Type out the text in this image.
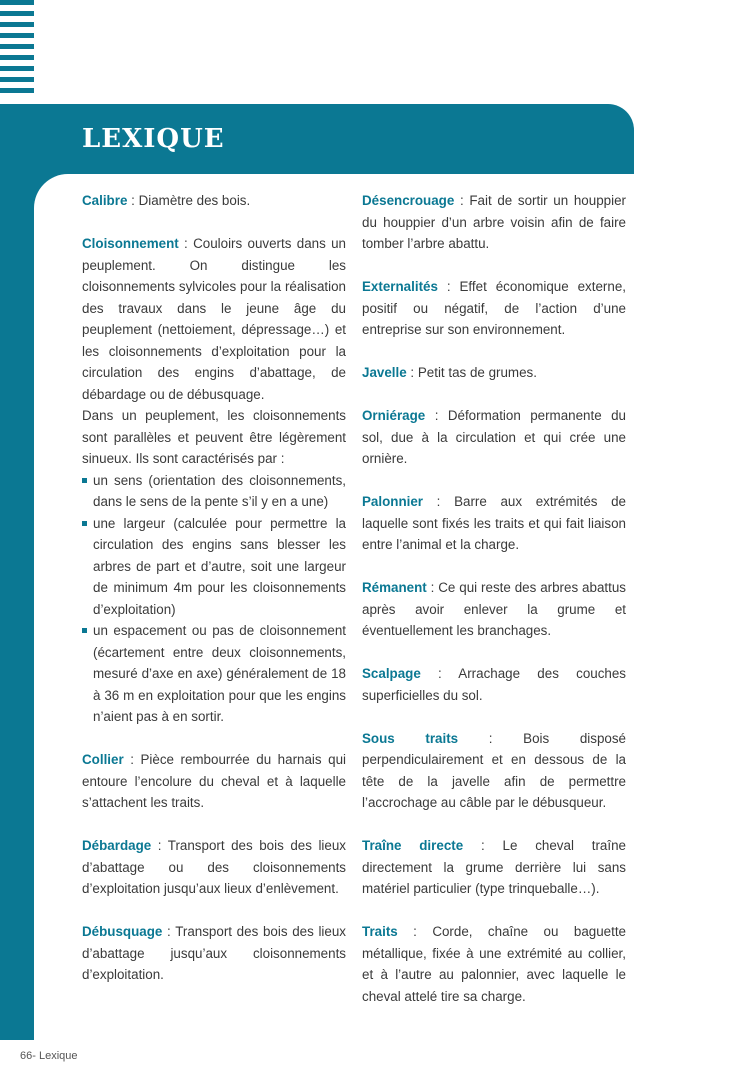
LEXIQUE

Calibre : Diamètre des bois.

Cloisonnement : Couloirs ouverts dans un peuplement. On distingue les cloisonnements sylvicoles pour la réalisation des travaux dans le jeune âge du peuplement (nettoiement, dépressage…) et les cloisonnements d’exploitation pour la circulation des engins d’abattage, de débardage ou de débusquage.

Dans un peuplement, les cloisonnements sont parallèles et peuvent être légèrement sinueux. Ils sont caractérisés par :

un sens (orientation des cloisonnements, dans le sens de la pente s’il y en a une)
une largeur (calculée pour permettre la circulation des engins sans blesser les arbres de part et d’autre, soit une largeur de minimum 4m pour les cloisonnements d’exploitation)
un espacement ou pas de cloisonnement (écartement entre deux cloisonnements, mesuré d’axe en axe) généralement de 18 à 36 m en exploitation pour que les engins n’aient pas à en sortir.

Collier : Pièce rembourrée du harnais qui entoure l’encolure du cheval et à laquelle s’attachent les traits.

Débardage : Transport des bois des lieux d’abattage ou des cloisonnements d’exploitation jusqu’aux lieux d’enlèvement.

Débusquage : Transport des bois des lieux d’abattage jusqu’aux cloisonnements d’exploitation.

Désencrouage : Fait de sortir un houppier du houppier d’un arbre voisin afin de faire tomber l’arbre abattu.

Externalités : Effet économique externe, positif ou négatif, de l’action d’une entreprise sur son environnement.

Javelle : Petit tas de grumes.

Orniérage : Déformation permanente du sol, due à la circulation et qui crée une ornière.

Palonnier : Barre aux extrémités de laquelle sont fixés les traits et qui fait liaison entre l’animal et la charge.

Rémanent : Ce qui reste des arbres abattus après avoir enlever la grume et éventuellement les branchages.

Scalpage : Arrachage des couches superficielles du sol.

Sous traits : Bois disposé perpendiculairement et en dessous de la tête de la javelle afin de permettre l’accrochage au câble par le débusqueur.

Traîne directe : Le cheval traîne directement la grume derrière lui sans matériel particulier (type trinqueballe…).

Traits : Corde, chaîne ou baguette métallique, fixée à une extrémité au collier, et à l’autre au palonnier, avec laquelle le cheval attelé tire sa charge.

66- Lexique
